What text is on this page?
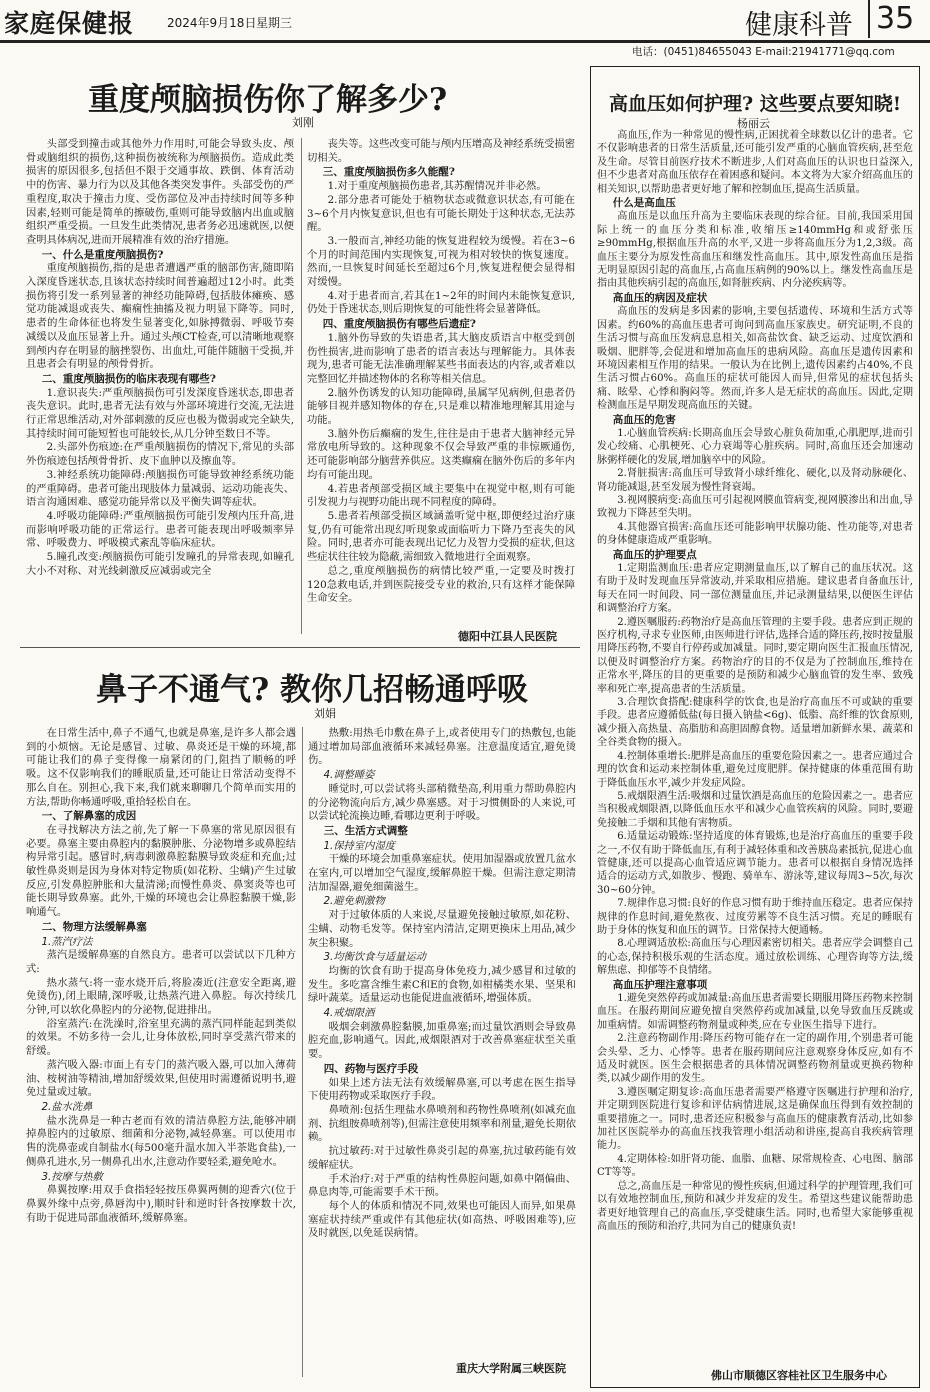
家庭保健报	2024年9月18日 星期三	健康科普 35
电话：(0451)84655043 E-mail:21941771@qq.com
重度颅脑损伤你了解多少?
刘刚

头部受到撞击或其他外力作用时,可能会导致头皮、颅骨或脑组织的损伤,这种损伤被统称为颅脑损伤。造成此类损害的原因很多,包括但不限于交通事故、跌倒、体育活动中的伤害、暴力行为以及其他各类突发事件。头部受伤的严重程度,取决于撞击力度、受伤部位及冲击持续时间等多种因素,轻则可能是简单的擦破伤,重则可能导致脑内出血或脑组织严重受损。一旦发生此类情况,患者务必迅速就医,以便查明具体病况,进而开展精准有效的治疗措施。

一、什么是重度颅脑损伤?

重度颅脑损伤,指的是患者遭遇严重的脑部伤害,随即陷入深度昏迷状态,且该状态持续时间普遍超过12小时。此类损伤将引发一系列显著的神经功能障碍,包括肢体瘫痪、感觉功能减退或丧失、癫痫性抽搐及视力明显下降等。同时,患者的生命体征也将发生显著变化,如脉搏微弱、呼吸节奏减缓以及血压显著上升。通过头颅CT检查,可以清晰地观察到颅内存在明显的脑挫裂伤、出血灶,可能伴随脑干受损,并且患者会有明显的颅骨骨折。

二、重度颅脑损伤的临床表现有哪些?

1.意识丧失:严重颅脑损伤可引发深度昏迷状态,即患者丧失意识。此时,患者无法有效与外部环境进行交流,无法进行正常思维活动,对外部刺激的反应也极为微弱或完全缺失,其持续时间可能短暂也可能较长,从几分钟至数日不等。

2.头部外伤痕迹:在严重颅脑损伤的情况下,常见的头部外伤痕迹包括颅骨骨折、皮下血肿以及擦血等。

3.神经系统功能障碍:颅脑损伤可能导致神经系统功能的严重障碍。患者可能出现肢体力量减弱、运动功能丧失、语言沟通困难、感觉功能异常以及平衡失调等症状。

4.呼吸功能障碍:严重颅脑损伤可能引发颅内压升高,进而影响呼吸功能的正常运行。患者可能表现出呼吸频率异常、呼吸费力、呼吸模式紊乱等临床症状。

5.瞳孔改变:颅脑损伤可能引发瞳孔的异常表现,如瞳孔大小不对称、对光线刺激反应减弱或完全

丧失等。这些改变可能与颅内压增高及神经系统受损密切相关。

三、重度颅脑损伤多久能醒?

1.对于重度颅脑损伤患者,其苏醒情况并非必然。

2.部分患者可能处于植物状态或微意识状态,有可能在3~6个月内恢复意识,但也有可能长期处于这种状态,无法苏醒。

3.一般而言,神经功能的恢复进程较为缓慢。若在3~6个月的时间范围内实现恢复,可视为相对较快的恢复速度。然而,一旦恢复时间延长至超过6个月,恢复进程便会显得相对缓慢。

4.对于患者而言,若其在1~2年的时间内未能恢复意识,仍处于昏迷状态,则后期恢复的可能性将会显著降低。

四、重度颅脑损伤有哪些后遗症?

1.脑外伤导致的失语患者,其大脑皮质语言中枢受到创伤性损害,进而影响了患者的语言表达与理解能力。具体表现为,患者可能无法准确理解某些书面表达的内容,或者难以完整回忆并描述物体的名称等相关信息。

2.脑外伤诱发的认知功能障碍,虽属罕见病例,但患者仍能够目视并感知物体的存在,只是难以精准地理解其用途与功能。

3.脑外伤后癫痫的发生,往往是由于患者大脑神经元异常放电所导致的。这种现象不仅会导致严重的非惊厥通伤,还可能影响部分脑营养供应。这类癫痫在脑外伤后的多年内均有可能出现。

4.若患者颅部受损区域主要集中在视觉中枢,则有可能引发视力与视野功能出现不同程度的障碍。

5.患者若颅部受损区域涵盖听觉中枢,即便经过治疗康复,仍有可能常出现幻听现象或面临听力下降乃至丧失的风险。同时,患者亦可能表现出记忆力及智力受损的症状,但这些症状往往较为隐蔽,需细致入微地进行全面观察。

总之,重度颅脑损伤的病情比较严重,一定要及时拨打120急救电话,并到医院接受专业的救治,只有这样才能保障生命安全。

德阳中江县人民医院
鼻子不通气? 教你几招畅通呼吸
刘娟

在日常生活中,鼻子不通气,也就是鼻塞,是许多人都会遇到的小烦恼。无论是感冒、过敏、鼻炎还是干燥的环境,都可能让我们的鼻子变得像一扇紧闭的门,阻挡了顺畅的呼吸。这不仅影响我们的睡眠质量,还可能让日常活动变得不那么自在。别担心,我下来,我们就来聊聊几个简单而实用的方法,帮助你畅通呼吸,重拾轻松自在。

一、了解鼻塞的成因

在寻找解决方法之前,先了解一下鼻塞的常见原因很有必要。鼻塞主要由鼻腔内的黏膜肿胀、分泌物增多或鼻腔结构异常引起。感冒时,病毒刺激鼻腔黏膜导致炎症和充血;过敏性鼻炎则是因为身体对特定物质(如花粉、尘螨)产生过敏反应,引发鼻腔肿胀和大量清涕;而慢性鼻炎、鼻窦炎等也可能长期导致鼻塞。此外,干燥的环境也会让鼻腔黏膜干燥,影响通气。

二、物理方法缓解鼻塞
1.蒸汽疗法

蒸汽是缓解鼻塞的自然良方。患者可以尝试以下几种方式:

热水蒸气:将一壶水烧开后,将脸凑近(注意安全距离,避免烫伤),闭上眼睛,深呼吸,让热蒸汽进入鼻腔。每次持续几分钟,可以软化鼻腔内的分泌物,促进排出。

浴室蒸汽:在洗澡时,浴室里充满的蒸汽同样能起到类似的效果。不妨多待一会儿,让身体放松,同时享受蒸汽带来的舒缓。

蒸汽吸入器:市面上有专门的蒸汽吸入器,可以加入薄荷油、桉树油等精油,增加舒缓效果,但使用时需遵循说明书,避免过量或过敏。

2.盐水洗鼻

盐水洗鼻是一种古老而有效的清洁鼻腔方法,能够冲刷掉鼻腔内的过敏原、细菌和分泌物,减轻鼻塞。可以使用市售的洗鼻壶或自制盐水(每500毫升温水加入半茶匙食盐),一侧鼻孔进水,另一侧鼻孔出水,注意动作要轻柔,避免呛水。

3.按摩与热敷

鼻翼按摩:用双手食指轻轻按压鼻翼两侧的迎香穴(位于鼻翼外缘中点旁,鼻唇沟中),顺时针和逆时针各按摩数十次,有助于促进局部血液循环,缓解鼻塞。

热敷:用热毛巾敷在鼻子上,或者使用专门的热敷包,也能通过增加局部血液循环来减轻鼻塞。注意温度适宜,避免烫伤。

4.调整睡姿

睡觉时,可以尝试将头部稍微垫高,利用重力帮助鼻腔内的分泌物流向后方,减少鼻塞感。对于习惯侧卧的人来说,可以尝试轮流换边睡,看哪边更利于呼吸。

三、生活方式调整
1.保持室内湿度

干燥的环境会加重鼻塞症状。使用加湿器或放置几盆水在室内,可以增加空气湿度,缓解鼻腔干燥。但需注意定期清洁加湿器,避免细菌滋生。

2.避免刺激物

对于过敏体质的人来说,尽量避免接触过敏原,如花粉、尘螨、动物毛发等。保持室内清洁,定期更换床上用品,减少灰尘积聚。

3.均衡饮食与适量运动

均衡的饮食有助于提高身体免疫力,减少感冒和过敏的发生。多吃富含维生素C和E的食物,如柑橘类水果、坚果和绿叶蔬菜。适量运动也能促进血液循环,增强体质。

4.戒烟限酒

吸烟会刺激鼻腔黏膜,加重鼻塞;而过量饮酒则会导致鼻腔充血,影响通气。因此,戒烟限酒对于改善鼻塞症状至关重要。

四、药物与医疗手段

如果上述方法无法有效缓解鼻塞,可以考虑在医生指导下使用药物或采取医疗手段。

鼻喷剂:包括生理盐水鼻喷剂和药物性鼻喷剂(如减充血剂、抗组胺鼻喷剂等),但需注意使用频率和剂量,避免长期依赖。

抗过敏药:对于过敏性鼻炎引起的鼻塞,抗过敏药能有效缓解症状。

手术治疗:对于严重的结构性鼻腔问题,如鼻中隔偏曲、鼻息肉等,可能需要手术干预。

每个人的体质和情况不同,效果也可能因人而异,如果鼻塞症状持续严重或伴有其他症状(如高热、呼吸困难等),应及时就医,以免延误病情。

重庆大学附属三峡医院
高血压如何护理? 这些要点要知晓!
杨丽云

高血压,作为一种常见的慢性病,正困扰着全球数以亿计的患者。它不仅影响患者的日常生活质量,还可能引发严重的心脑血管疾病,甚至危及生命。尽管目前医疗技术不断进步,人们对高血压的认识也日益深入,但不少患者对高血压依存在着困惑和疑问。本文将为大家介绍高血压的相关知识,以帮助患者更好地了解和控制血压,提高生活质量。

什么是高血压

高血压是以血压升高为主要临床表现的综合征。目前,我国采用国际上统一的血压分类和标准,收缩压≥140mmHg和或舒张压≥90mmHg,根据血压升高的水平,又进一步将高血压分为1,2,3级。高血压主要分为原发性高血压和继发性高血压。其中,原发性高血压是指无明显原因引起的高血压,占高血压病例的90%以上。继发性高血压是指由其他疾病引起的高血压,如肾脏疾病、内分泌疾病等。

高血压的病因及症状

高血压的发病是多因素的影响,主要包括遗传、环境和生活方式等因素。约60%的高血压患者可询问到高血压家族史。研究证明,不良的生活习惯与高血压发病息息相关,如高盐饮食、缺乏运动、过度饮酒和吸烟、肥胖等,会促进和增加高血压的患病风险。高血压是遗传因素和环境因素相互作用的结果。一般认为在比例上,遗传因素约占40%,不良生活习惯占60%。高血压的症状可能因人而异,但常见的症状包括头痛、眩晕、心悸和胸闷等。然而,许多人是无症状的高血压。因此,定期检测血压是早期发现高血压的关键。

高血压的危害

1.心脑血管疾病:长期高血压会导致心脏负荷加重,心肌肥厚,进而引发心绞痛、心肌梗死、心力衰竭等心脏疾病。同时,高血压还会加速动脉粥样硬化的发展,增加脑卒中的风险。

2.肾脏损害:高血压可导致肾小球纤维化、硬化,以及肾动脉硬化、肾功能减退,甚至发展为慢性肾衰竭。

3.视网膜病变:高血压可引起视网膜血管病变,视网膜渗出和出血,导致视力下降甚至失明。

4.其他器官损害:高血压还可能影响甲状腺功能、性功能等,对患者的身体健康造成严重影响。

高血压的护理要点

1.定期监测血压:患者应定期测量血压,以了解自己的血压状况。这有助于及时发现血压异常波动,并采取相应措施。建议患者自备血压计,每天在同一时间段、同一部位测量血压,并记录测量结果,以便医生评估和调整治疗方案。

2.遵医嘱服药:药物治疗是高血压管理的主要手段。患者应到正规的医疗机构,寻求专业医师,由医师进行评估,选择合适的降压药,按时按量服用降压药物,不要自行停药或加减量。同时,要定期向医生汇报血压情况,以便及时调整治疗方案。药物治疗的目的不仅是为了控制血压,维持在正常水平,降压的目的更重要的是预防和减少心脑血管的发生率、致残率和死亡率,提高患者的生活质量。

3.合理饮食搭配:健康科学的饮食,也是治疗高血压不可或缺的重要手段。患者应遵循低盐(每日摄入钠盐<6g)、低脂、高纤维的饮食原则,减少摄入高热量、高脂肪和高胆固醇食物。适量增加新鲜水果、蔬菜和全谷类食物的摄入。

4.控制体重增长:肥胖是高血压的重要危险因素之一。患者应通过合理的饮食和运动来控制体重,避免过度肥胖。保持健康的体重范围有助于降低血压水平,减少并发症风险。

5.戒烟限酒生活:吸烟和过量饮酒是高血压的危险因素之一。患者应当积极戒烟限酒,以降低血压水平和减少心血管疾病的风险。同时,要避免接触二手烟和其他有害物质。

6.适量运动锻炼:坚持适度的体育锻炼,也是治疗高血压的重要手段之一,不仅有助于降低血压,有利于减轻体重和改善胰岛素抵抗,促进心血管健康,还可以提高心血管适应调节能力。患者可以根据自身情况选择适合的运动方式,如散步、慢跑、骑单车、游泳等,建议每周3~5次,每次30~60分钟。

7.规律作息习惯:良好的作息习惯有助于维持血压稳定。患者应保持规律的作息时间,避免熬夜、过度劳累等不良生活习惯。充足的睡眠有助于身体的恢复和血压的调节。日常保持大便通畅。

8.心理调适放松:高血压与心理因素密切相关。患者应学会调整自己的心态,保持积极乐观的生活态度。通过放松训练、心理咨询等方法,缓解焦虑、抑郁等不良情绪。

高血压护理注意事项

1.避免突然停药或加减量:高血压患者需要长期服用降压药物来控制血压。在服药期间应避免擅自突然停药或加减量,以免导致血压反跳或加重病情。如需调整药物剂量或种类,应在专业医生指导下进行。

2.注意药物副作用:降压药物可能存在一定的副作用,个别患者可能会头晕、乏力、心悸等。患者在服药期间应注意观察身体反应,如有不适及时就医。医生会根据患者的具体情况调整药物剂量或更换药物种类,以减少副作用的发生。

3.遵医嘱定期复诊:高血压患者需要严格遵守医嘱进行护理和治疗,并定期到医院进行复诊和评估病情进展,这是确保血压得到有效控制的重要措施之一。同时,患者还应积极参与高血压的健康教育活动,比如参加社区医院举办的高血压找我管理小组活动和讲座,提高自我疾病管理能力。

4.定期体检:如肝肾功能、血脂、血糖、尿常规检查、心电图、脑部CT等等。

总之,高血压是一种常见的慢性疾病,但通过科学的护理管理,我们可以有效地控制血压,预防和减少并发症的发生。希望这些建议能帮助患者更好地管理自己的高血压,享受健康生活。同时,也希望大家能够重视高血压的预防和治疗,共同为自己的健康负责!

佛山市顺德区容桂社区卫生服务中心
